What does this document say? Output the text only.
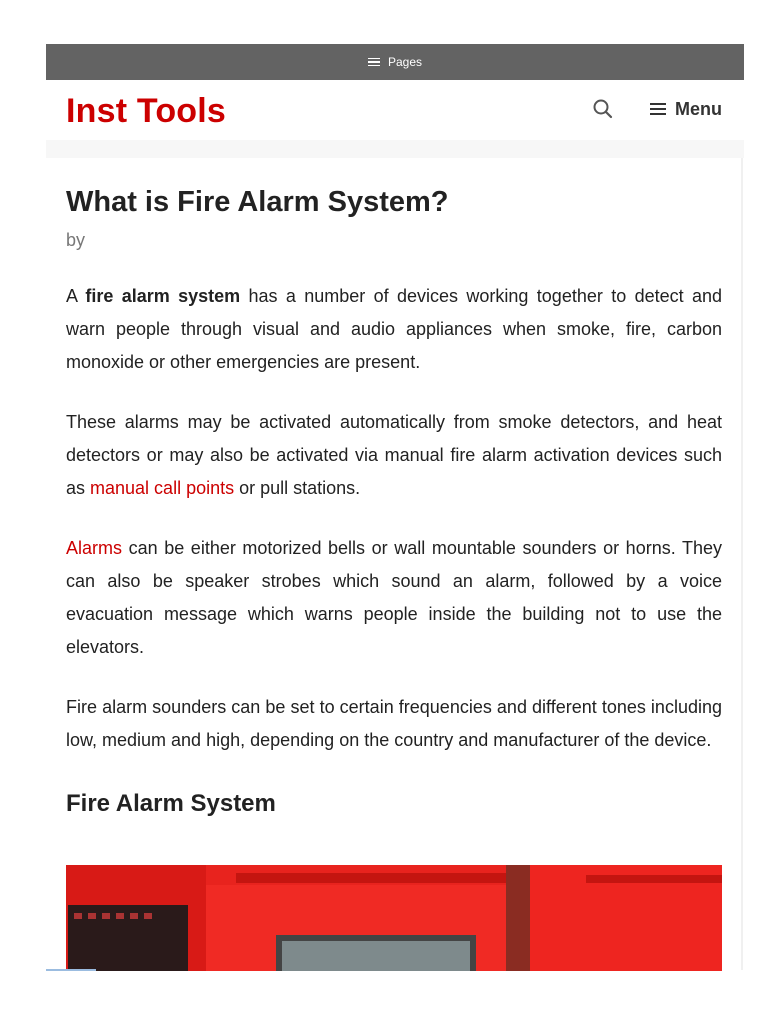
Pages
Inst Tools	Menu
What is Fire Alarm System?
by

A fire alarm system has a number of devices working together to detect and warn people through visual and audio appliances when smoke, fire, carbon monoxide or other emergencies are present.

These alarms may be activated automatically from smoke detectors, and heat detectors or may also be activated via manual fire alarm activation devices such as manual call points or pull stations.

Alarms can be either motorized bells or wall mountable sounders or horns. They can also be speaker strobes which sound an alarm, followed by a voice evacuation message which warns people inside the building not to use the elevators.

Fire alarm sounders can be set to certain frequencies and different tones including low, medium and high, depending on the country and manufacturer of the device.

Fire Alarm System
